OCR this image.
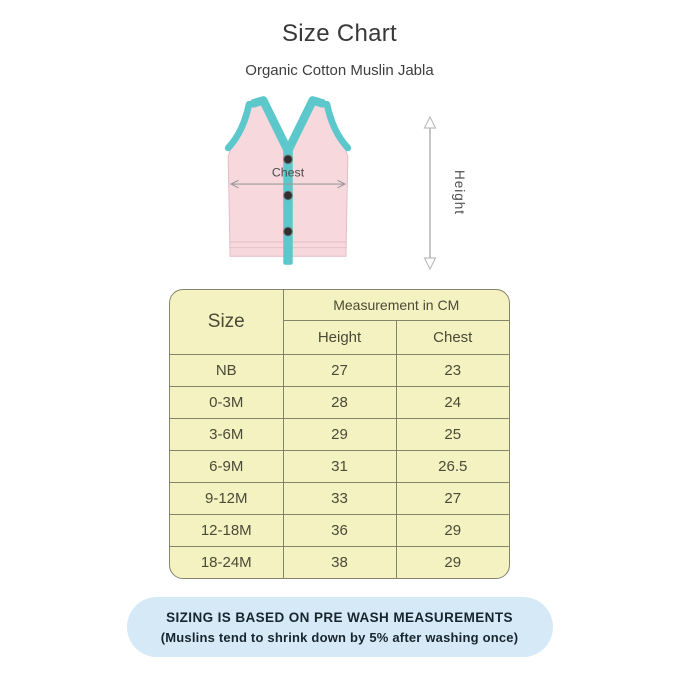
Size Chart
Organic Cotton Muslin Jabla
Chest	Height
Size	Measurement in CM	
	Height	Chest
NB	27	23
0-3M	28	24
3-6M	29	25
6-9M	31	26.5
9-12M	33	27
12-18M	36	29
18-24M	38	29
SIZING IS BASED ON PRE WASH MEASUREMENTS
(Muslins tend to shrink down by 5% after washing once)
